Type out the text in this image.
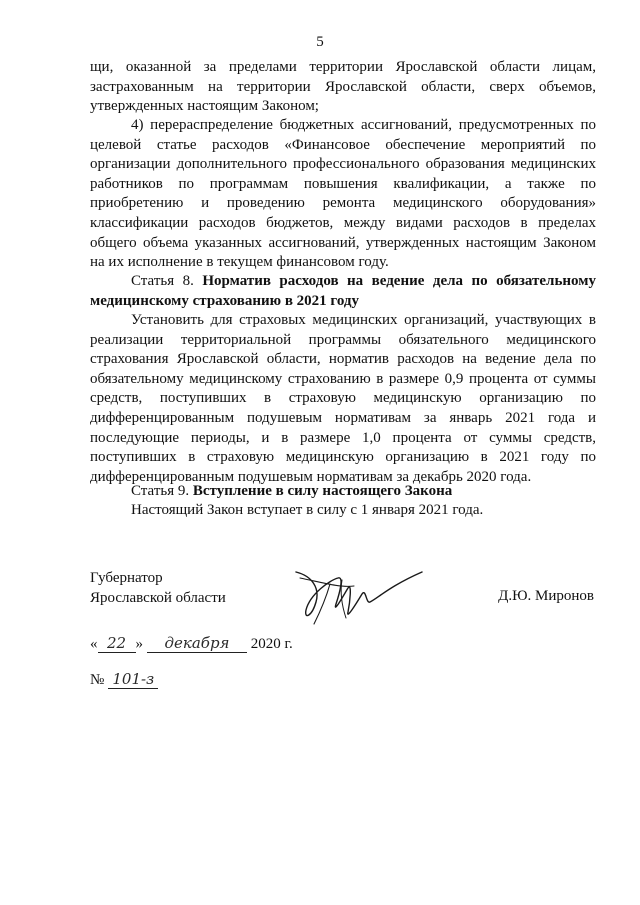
5

щи, оказанной за пределами территории Ярославской области лицам, застрахованным на территории Ярославской области, сверх объемов, утвержденных настоящим Законом;

4) перераспределение бюджетных ассигнований, предусмотренных по целевой статье расходов «Финансовое обеспечение мероприятий по организации дополнительного профессионального образования медицинских работников по программам повышения квалификации, а также по приобретению и проведению ремонта медицинского оборудования» классификации расходов бюджетов, между видами расходов в пределах общего объема указанных ассигнований, утвержденных настоящим Законом на их исполнение в текущем финансовом году.

Статья 8. Норматив расходов на ведение дела по обязательному медицинскому страхованию в 2021 году

Установить для страховых медицинских организаций, участвующих в реализации территориальной программы обязательного медицинского страхования Ярославской области, норматив расходов на ведение дела по обязательному медицинскому страхованию в размере 0,9 процента от суммы средств, поступивших в страховую медицинскую организацию по дифференцированным подушевым нормативам за январь 2021 года и последующие периоды, и в размере 1,0 процента от суммы средств, поступивших в страховую медицинскую организацию в 2021 году по дифференцированным подушевым нормативам за декабрь 2020 года.

Статья 9. Вступление в силу настоящего Закона

Настоящий Закон вступает в силу с 1 января 2021 года.

Губернатор
Ярославской области	Д.Ю. Миронов
« 22 » декабря 2020 г.
№ 101-з
